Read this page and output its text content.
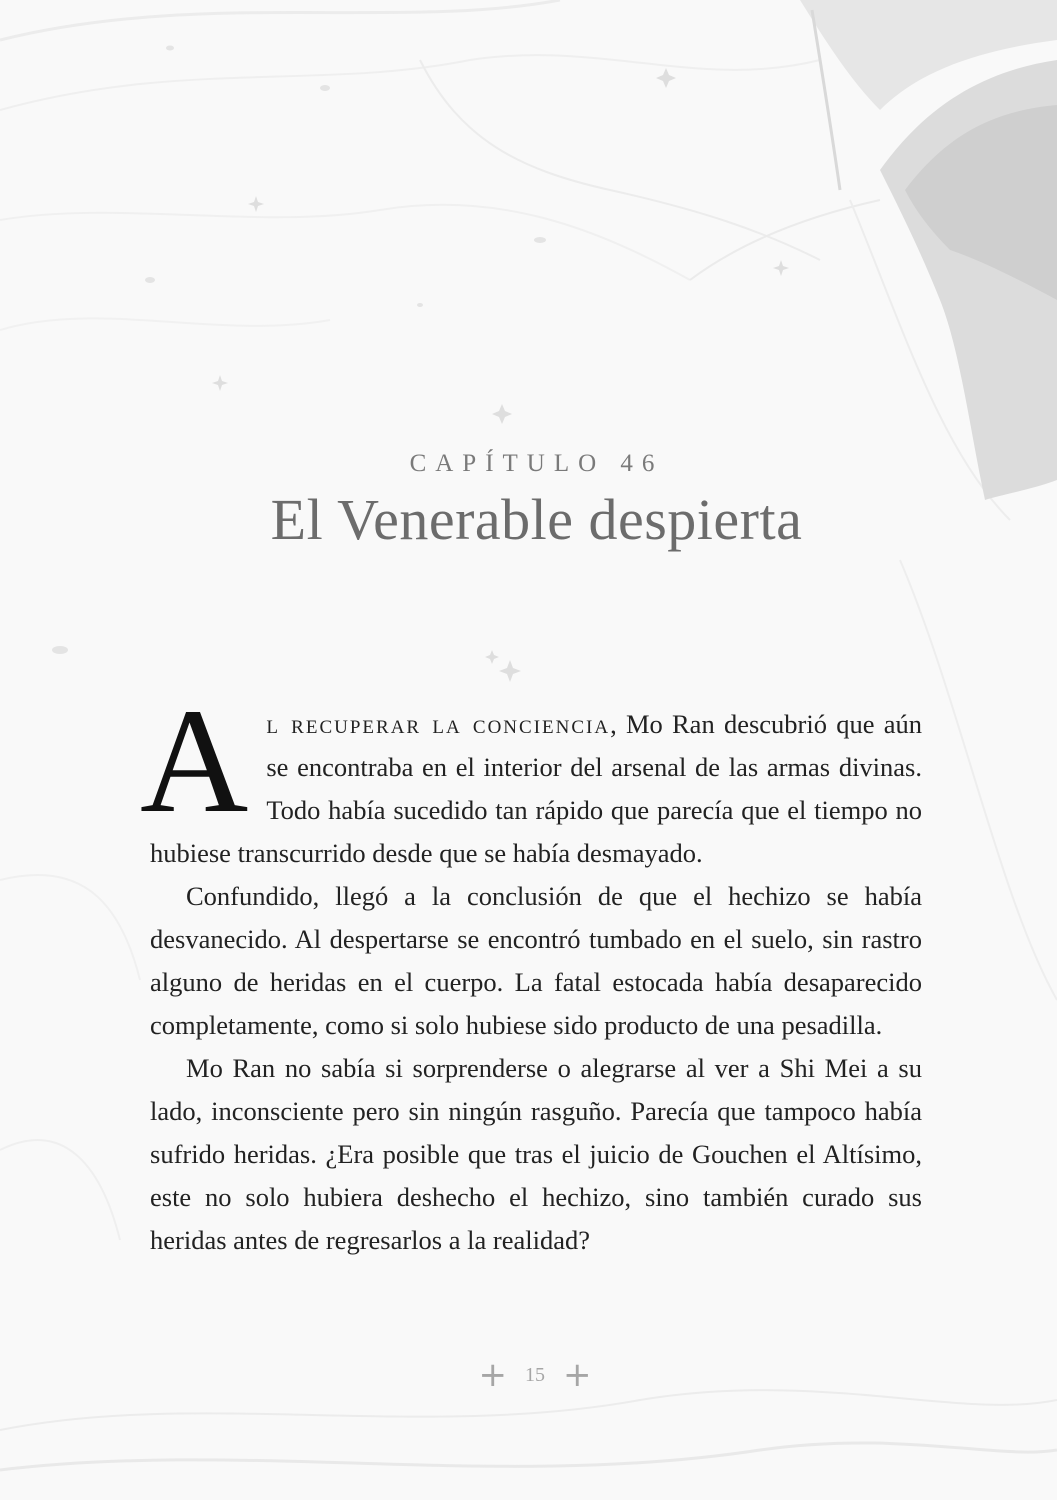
CAPÍTULO 46
El Venerable despierta

Al recuperar la conciencia, Mo Ran descubrió que aún se encontraba en el interior del arsenal de las armas divinas. Todo había sucedido tan rápido que parecía que el tiempo no hubiese transcurrido desde que se había desmayado.

Confundido, llegó a la conclusión de que el hechizo se había desvanecido. Al despertarse se encontró tumbado en el suelo, sin rastro alguno de heridas en el cuerpo. La fatal estocada había desaparecido completamente, como si solo hubiese sido producto de una pesadilla.

Mo Ran no sabía si sorprenderse o alegrarse al ver a Shi Mei a su lado, inconsciente pero sin ningún rasguño. Parecía que tampoco había sufrido heridas. ¿Era posible que tras el juicio de Gouchen el Altísimo, este no solo hubiera deshecho el hechizo, sino también curado sus heridas antes de regresarlos a la realidad?

+ 15 +
